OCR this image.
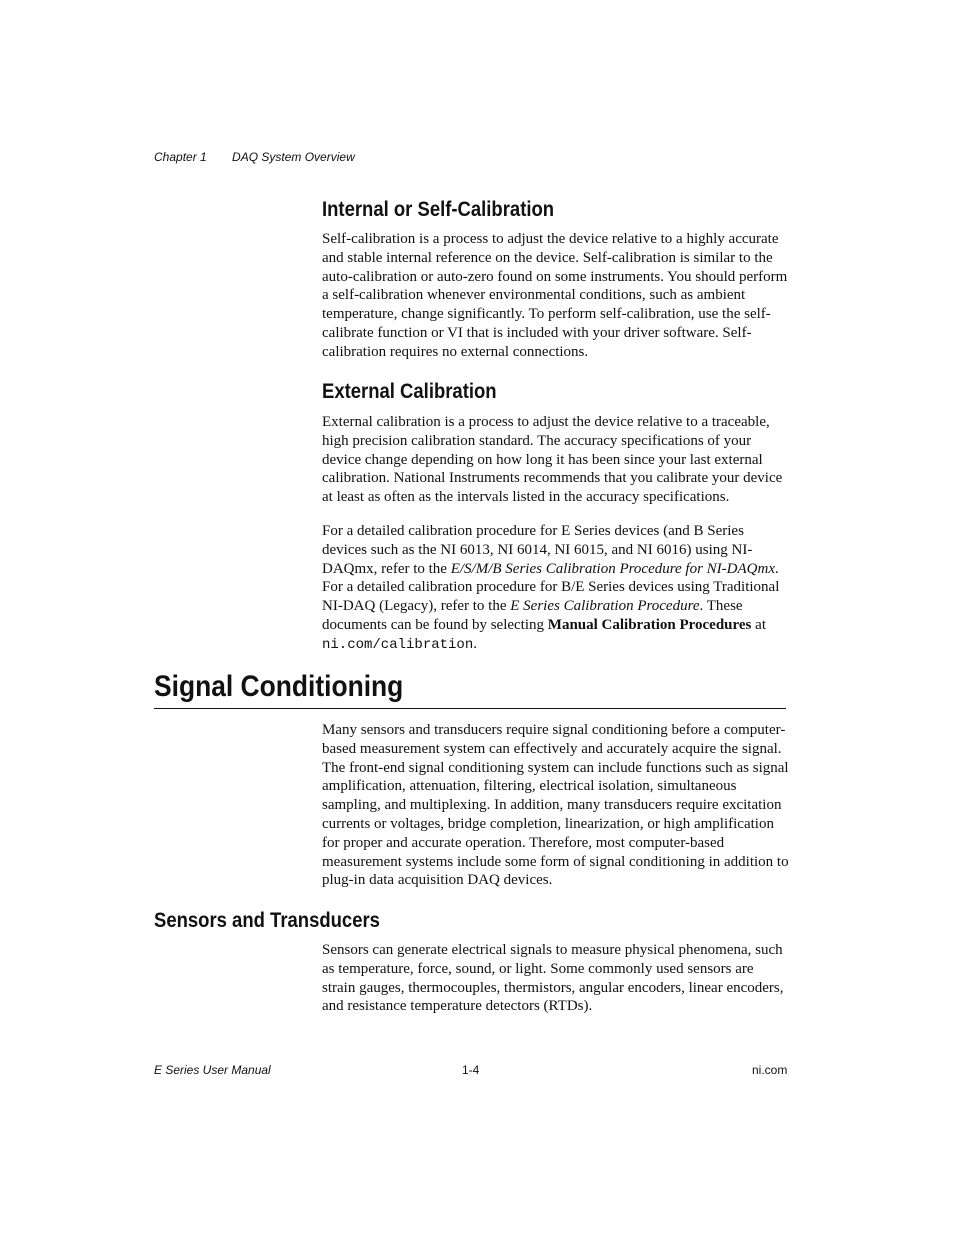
Chapter 1 DAQ System Overview
Internal or Self-Calibration

Self-calibration is a process to adjust the device relative to a highly accurate and stable internal reference on the device. Self-calibration is similar to the auto-calibration or auto-zero found on some instruments. You should perform a self-calibration whenever environmental conditions, such as ambient temperature, change significantly. To perform self-calibration, use the self-calibrate function or VI that is included with your driver software. Self-calibration requires no external connections.

External Calibration

External calibration is a process to adjust the device relative to a traceable, high precision calibration standard. The accuracy specifications of your device change depending on how long it has been since your last external calibration. National Instruments recommends that you calibrate your device at least as often as the intervals listed in the accuracy specifications.

For a detailed calibration procedure for E Series devices (and B Series devices such as the NI 6013, NI 6014, NI 6015, and NI 6016) using NI-DAQmx, refer to the E/S/M/B Series Calibration Procedure for NI-DAQmx. For a detailed calibration procedure for B/E Series devices using Traditional NI-DAQ (Legacy), refer to the E Series Calibration Procedure. These documents can be found by selecting Manual Calibration Procedures at ni.com/calibration.

Signal Conditioning

Many sensors and transducers require signal conditioning before a computer-based measurement system can effectively and accurately acquire the signal. The front-end signal conditioning system can include functions such as signal amplification, attenuation, filtering, electrical isolation, simultaneous sampling, and multiplexing. In addition, many transducers require excitation currents or voltages, bridge completion, linearization, or high amplification for proper and accurate operation. Therefore, most computer-based measurement systems include some form of signal conditioning in addition to plug-in data acquisition DAQ devices.

Sensors and Transducers

Sensors can generate electrical signals to measure physical phenomena, such as temperature, force, sound, or light. Some commonly used sensors are strain gauges, thermocouples, thermistors, angular encoders, linear encoders, and resistance temperature detectors (RTDs).

E Series User Manual	1-4	ni.com
